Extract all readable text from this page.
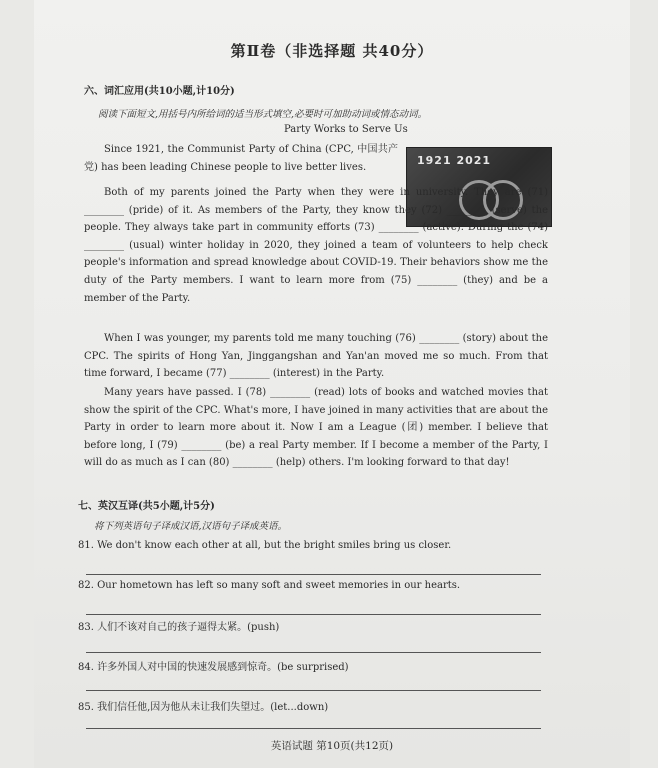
第Ⅱ卷（非选择题 共40分）
六、词汇应用(共10小题,计10分)
阅读下面短文,用括号内所给词的适当形式填空,必要时可加助动词或情态动词。
Party Works to Serve Us
1921 2021

Since 1921, the Communist Party of China (CPC, 中国共产党) has been leading Chinese people to live better lives.

Both of my parents joined the Party when they were in university. They are (71) ________ (pride) of it. As members of the Party, they know they (72) ________ (serve) the people. They always take part in community efforts (73) ________ (active). During the (74) ________ (usual) winter holiday in 2020, they joined a team of volunteers to help check people's information and spread knowledge about COVID-19. Their behaviors show me the duty of the Party members. I want to learn more from (75) ________ (they) and be a member of the Party.

When I was younger, my parents told me many touching (76) ________ (story) about the CPC. The spirits of Hong Yan, Jinggangshan and Yan'an moved me so much. From that time forward, I became (77) ________ (interest) in the Party.

Many years have passed. I (78) ________ (read) lots of books and watched movies that show the spirit of the CPC. What's more, I have joined in many activities that are about the Party in order to learn more about it. Now I am a League (团) member. I believe that before long, I (79) ________ (be) a real Party member. If I become a member of the Party, I will do as much as I can (80) ________ (help) others. I'm looking forward to that day!

七、英汉互译(共5小题,计5分)
将下列英语句子译成汉语,汉语句子译成英语。
81. We don't know each other at all, but the bright smiles bring us closer.
82. Our hometown has left so many soft and sweet memories in our hearts.
83. 人们不该对自己的孩子逼得太紧。(push)
84. 许多外国人对中国的快速发展感到惊奇。(be surprised)
85. 我们信任他,因为他从未让我们失望过。(let...down)
英语试题 第10页(共12页)
